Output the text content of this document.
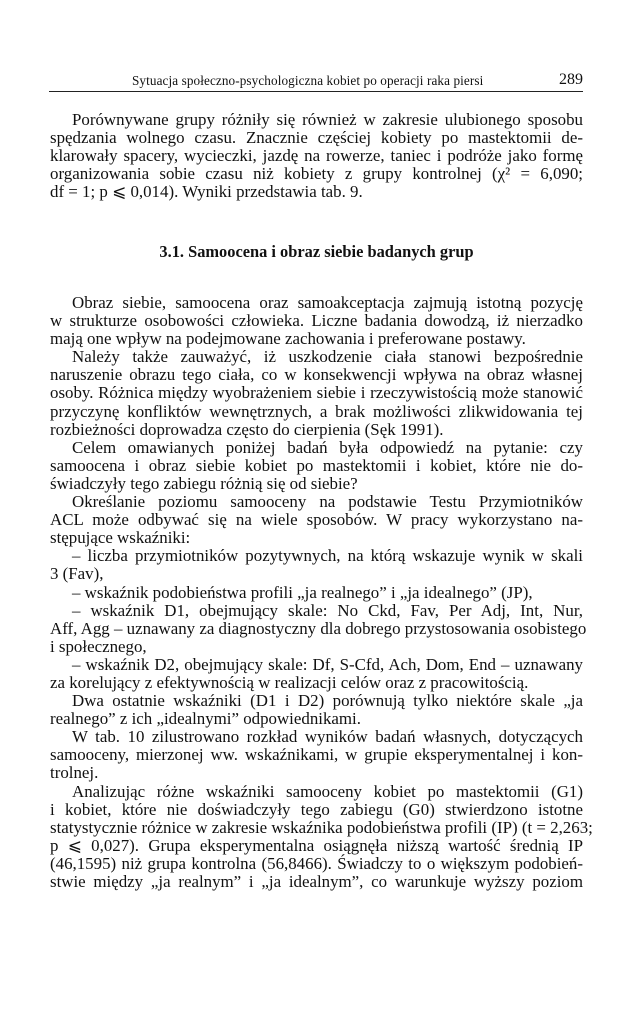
Sytuacja społeczno-psychologiczna kobiet po operacji raka piersi	289
Porównywane grupy różniły się również w zakresie ulubionego sposobu
spędzania wolnego czasu. Znacznie częściej kobiety po mastektomii de-
klarowały spacery, wycieczki, jazdę na rowerze, taniec i podróże jako formę
organizowania sobie czasu niż kobiety z grupy kontrolnej (χ² = 6,090;
df = 1; p ⩽ 0,014). Wyniki przedstawia tab. 9.
3.1. Samoocena i obraz siebie badanych grup
Obraz siebie, samoocena oraz samoakceptacja zajmują istotną pozycję
w strukturze osobowości człowieka. Liczne badania dowodzą, iż nierzadko
mają one wpływ na podejmowane zachowania i preferowane postawy.
Należy także zauważyć, iż uszkodzenie ciała stanowi bezpośrednie
naruszenie obrazu tego ciała, co w konsekwencji wpływa na obraz własnej
osoby. Różnica między wyobrażeniem siebie i rzeczywistością może stanowić
przyczynę konfliktów wewnętrznych, a brak możliwości zlikwidowania tej
rozbieżności doprowadza często do cierpienia (Sęk 1991).
Celem omawianych poniżej badań była odpowiedź na pytanie: czy
samoocena i obraz siebie kobiet po mastektomii i kobiet, które nie do-
świadczyły tego zabiegu różnią się od siebie?
Określanie poziomu samooceny na podstawie Testu Przymiotników
ACL może odbywać się na wiele sposobów. W pracy wykorzystano na-
stępujące wskaźniki:
– liczba przymiotników pozytywnych, na którą wskazuje wynik w skali
3 (Fav),
– wskaźnik podobieństwa profili „ja realnego” i „ja idealnego” (JP),
– wskaźnik D1, obejmujący skale: No Ckd, Fav, Per Adj, Int, Nur,
Aff, Agg – uznawany za diagnostyczny dla dobrego przystosowania osobistego
i społecznego,
– wskaźnik D2, obejmujący skale: Df, S-Cfd, Ach, Dom, End – uznawany
za korelujący z efektywnością w realizacji celów oraz z pracowitością.
Dwa ostatnie wskaźniki (D1 i D2) porównują tylko niektóre skale „ja
realnego” z ich „idealnymi” odpowiednikami.
W tab. 10 zilustrowano rozkład wyników badań własnych, dotyczących
samooceny, mierzonej ww. wskaźnikami, w grupie eksperymentalnej i kon-
trolnej.
Analizując różne wskaźniki samooceny kobiet po mastektomii (G1)
i kobiet, które nie doświadczyły tego zabiegu (G0) stwierdzono istotne
statystycznie różnice w zakresie wskaźnika podobieństwa profili (IP) (t = 2,263;
p ⩽ 0,027). Grupa eksperymentalna osiągnęła niższą wartość średnią IP
(46,1595) niż grupa kontrolna (56,8466). Świadczy to o większym podobień-
stwie między „ja realnym” i „ja idealnym”, co warunkuje wyższy poziom
